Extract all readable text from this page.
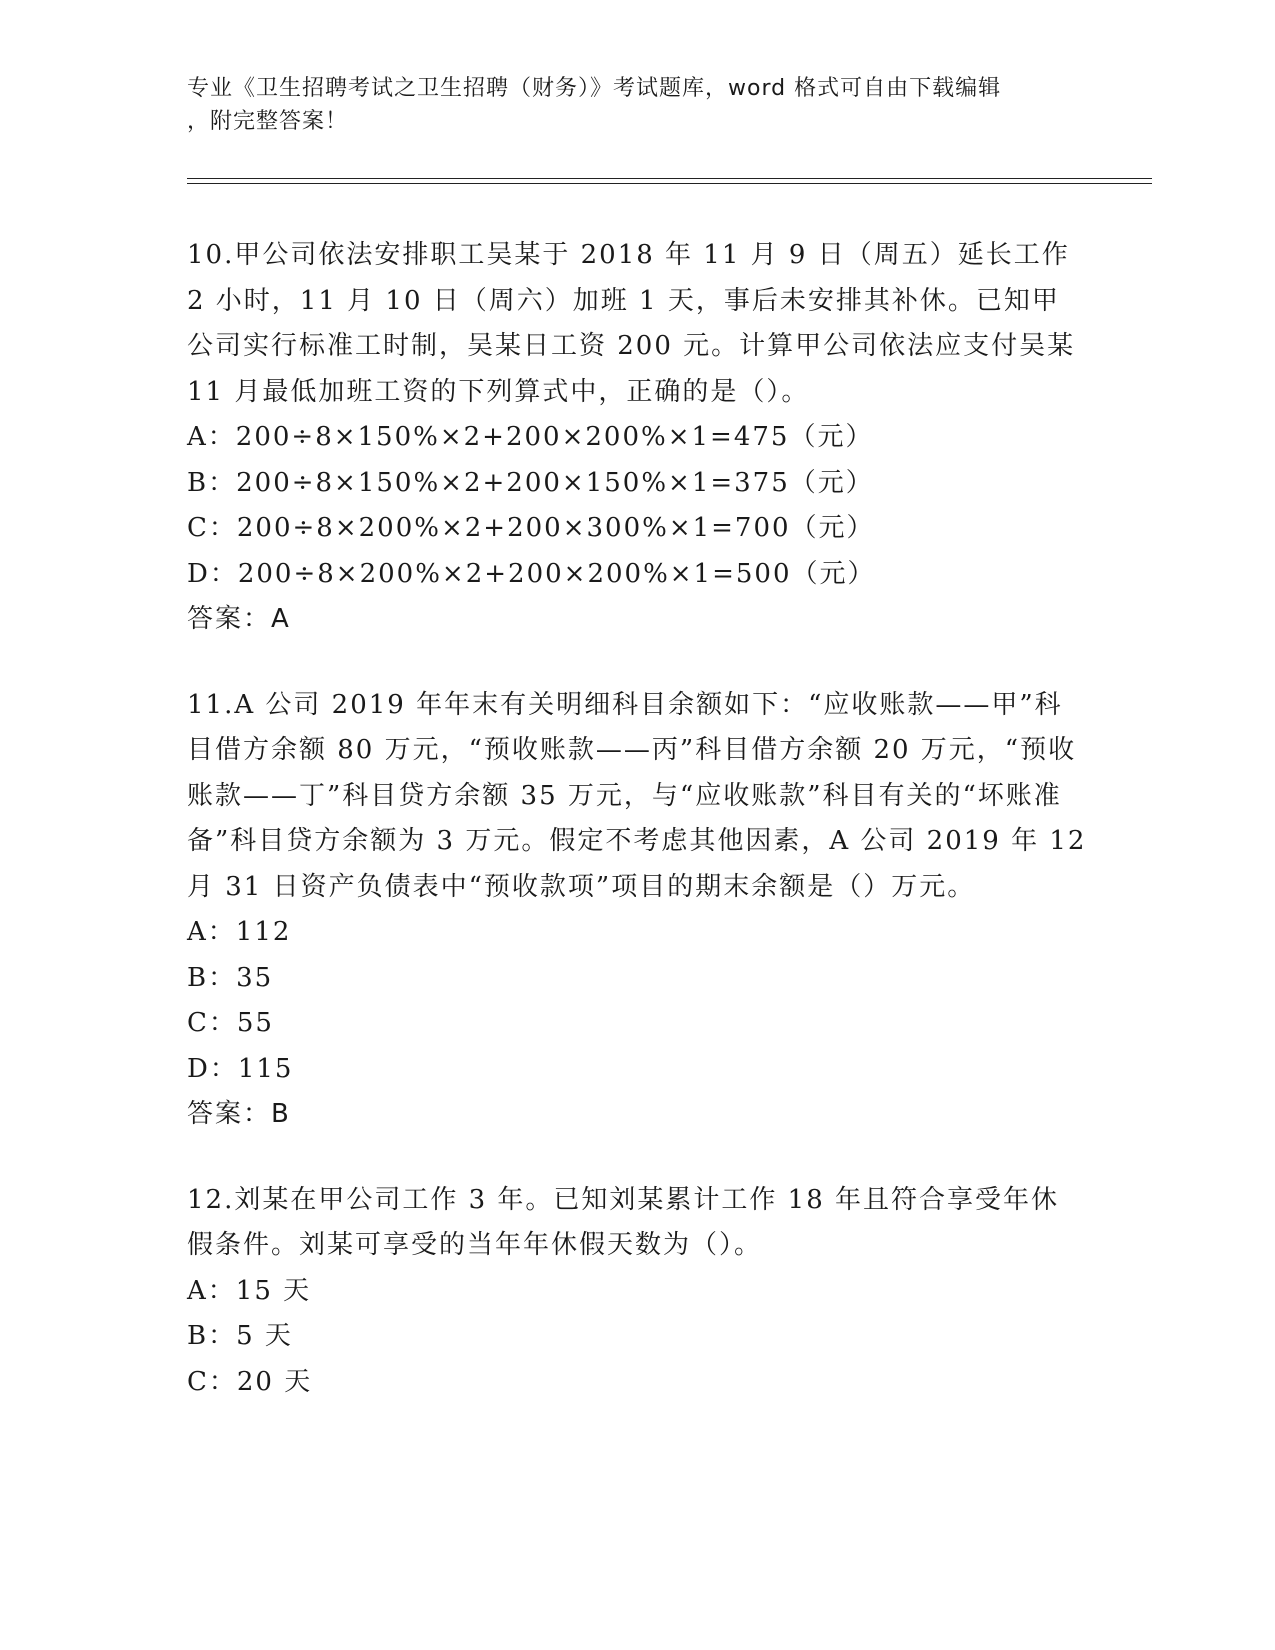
专业《卫生招聘考试之卫生招聘（财务）》考试题库，word 格式可自由下载编辑

，附完整答案！

10.甲公司依法安排职工吴某于 2018 年 11 月 9 日（周五）延长工作 2 小时，11 月 10 日（周六）加班 1 天，事后未安排其补休。已知甲公司实行标准工时制，吴某日工资 200 元。计算甲公司依法应支付吴某 11 月最低加班工资的下列算式中，正确的是（）。

A：200÷8×150%×2+200×200%×1=475（元）

B：200÷8×150%×2+200×150%×1=375（元）

C：200÷8×200%×2+200×300%×1=700（元）

D：200÷8×200%×2+200×200%×1=500（元）

答案：A

11.A 公司 2019 年年末有关明细科目余额如下：“应收账款——甲”科目借方余额 80 万元，“预收账款——丙”科目借方余额 20 万元，“预收账款——丁”科目贷方余额 35 万元，与“应收账款”科目有关的“坏账准备”科目贷方余额为 3 万元。假定不考虑其他因素，A 公司 2019 年 12 月 31 日资产负债表中“预收款项”项目的期末余额是（）万元。

A：112

B：35

C：55

D：115

答案：B

12.刘某在甲公司工作 3 年。已知刘某累计工作 18 年且符合享受年休假条件。刘某可享受的当年年休假天数为（）。

A：15 天

B：5 天

C：20 天
